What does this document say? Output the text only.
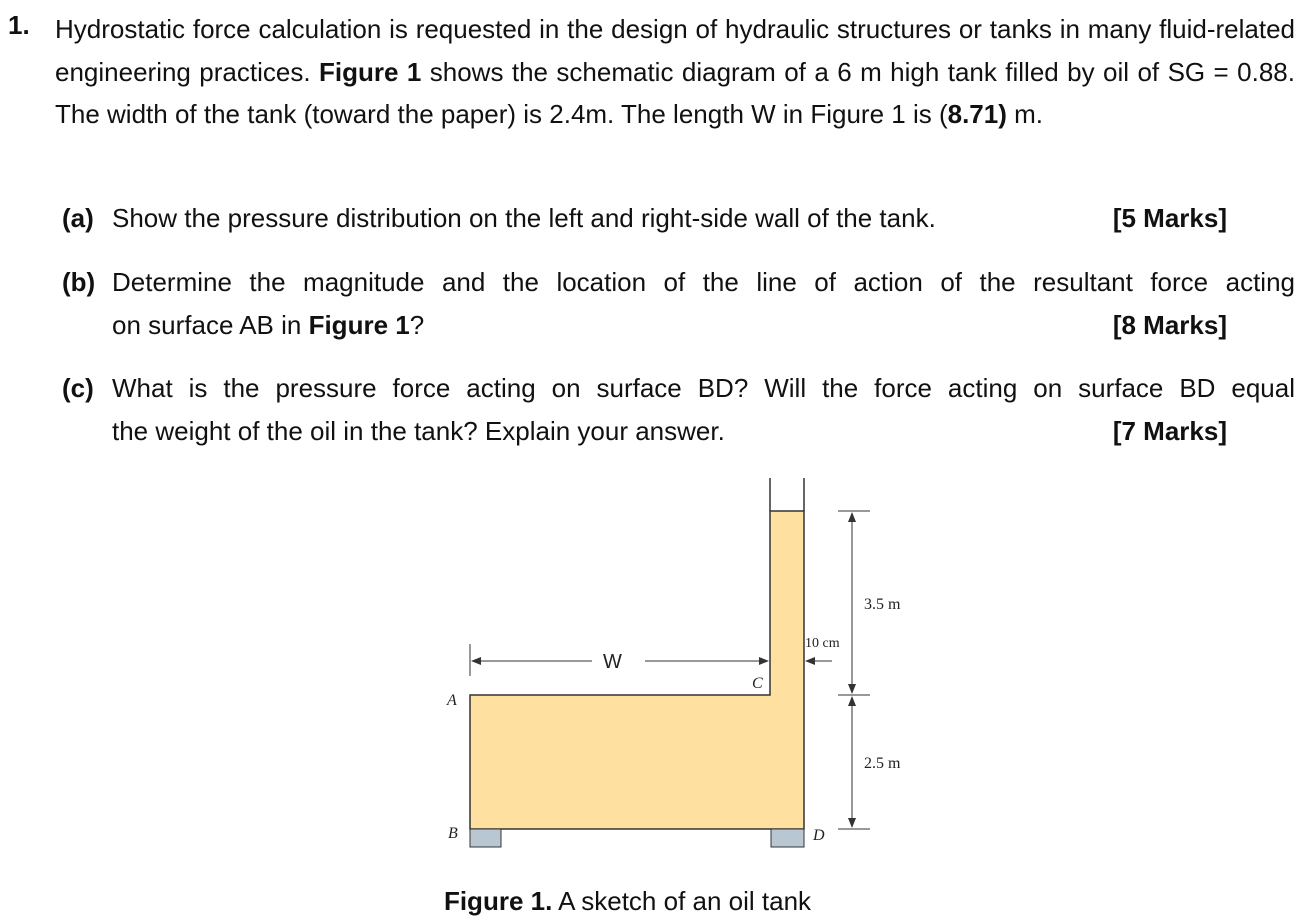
1. Hydrostatic force calculation is requested in the design of hydraulic structures or tanks in many fluid-related engineering practices. Figure 1 shows the schematic diagram of a 6 m high tank filled by oil of SG = 0.88. The width of the tank (toward the paper) is 2.4m. The length W in Figure 1 is (8.71) m.
(a) Show the pressure distribution on the left and right-side wall of the tank.	[5 Marks]
(b) Determine the magnitude and the location of the line of action of the resultant force acting
on surface AB in Figure 1?	[8 Marks]
(c) What is the pressure force acting on surface BD? Will the force acting on surface BD equal
the weight of the oil in the tank? Explain your answer.	[7 Marks]
W
A
B
C
D
10 cm
3.5 m
2.5 m
Figure 1. A sketch of an oil tank
